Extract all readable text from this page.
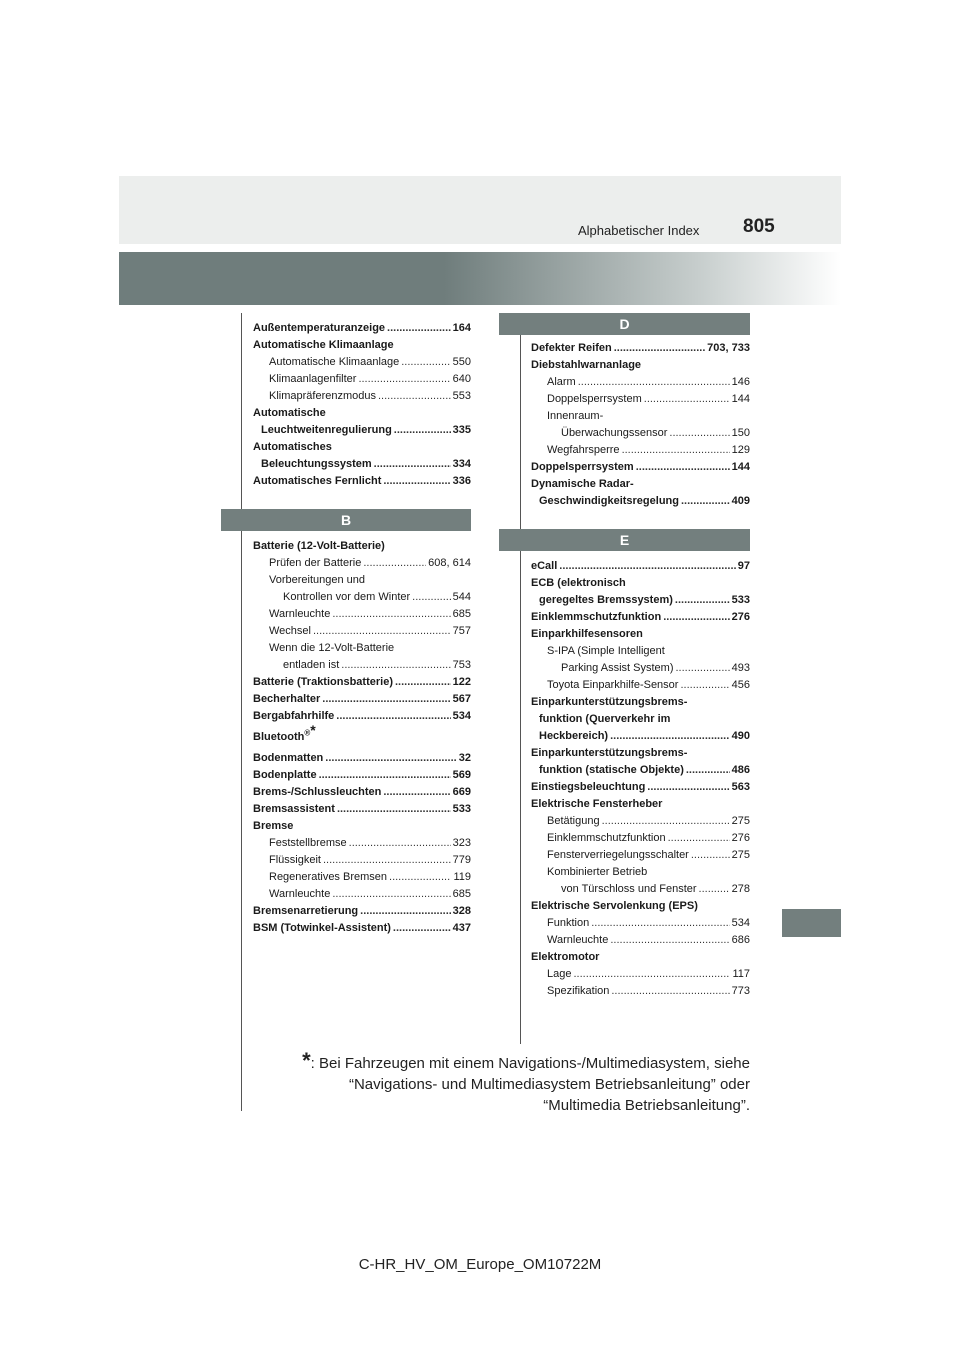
Alphabetischer Index 805
Außentemperaturanzeige .....	164
Automatische Klimaanlage
Automatische Klimaanlage .....	550
Klimaanlagenfilter .....	640
Klimapräferenzmodus .....	553
Automatische
Leuchtweitenregulierung .....	335
Automatisches
Beleuchtungssystem .....	334
Automatisches Fernlicht .....	336
B
Batterie (12-Volt-Batterie)
Prüfen der Batterie .....	608, 614
Vorbereitungen und
Kontrollen vor dem Winter .....	544
Warnleuchte .....	685
Wechsel .....	757
Wenn die 12-Volt-Batterie
entladen ist .....	753
Batterie (Traktionsbatterie) .....	122
Becherhalter .....	567
Bergabfahrhilfe .....	534
Bluetooth®*
Bodenmatten .....	32
Bodenplatte .....	569
Brems-/Schlussleuchten .....	669
Bremsassistent .....	533
Bremse
Feststellbremse .....	323
Flüssigkeit .....	779
Regeneratives Bremsen .....	119
Warnleuchte .....	685
Bremsenarretierung .....	328
BSM (Totwinkel-Assistent) .....	437
D
Defekter Reifen .....	703, 733
Diebstahlwarnanlage
Alarm .....	146
Doppelsperrsystem .....	144
Innenraum-
Überwachungssensor .....	150
Wegfahrsperre .....	129
Doppelsperrsystem .....	144
Dynamische Radar-
Geschwindigkeitsregelung .....	409
E
eCall .....	97
ECB (elektronisch
geregeltes Bremssystem) .....	533
Einklemmschutzfunktion .....	276
Einparkhilfesensoren
S-IPA (Simple Intelligent
Parking Assist System) .....	493
Toyota Einparkhilfe-Sensor .....	456
Einparkunterstützungsbrems-
funktion (Querverkehr im
Heckbereich) .....	490
Einparkunterstützungsbrems-
funktion (statische Objekte) .....	486
Einstiegsbeleuchtung .....	563
Elektrische Fensterheber
Betätigung .....	275
Einklemmschutzfunktion .....	276
Fensterverriegelungsschalter .....	275
Kombinierter Betrieb
von Türschloss und Fenster .....	278
Elektrische Servolenkung (EPS)
Funktion .....	534
Warnleuchte .....	686
Elektromotor
Lage .....	117
Spezifikation .....	773
*: Bei Fahrzeugen mit einem Navigations-/Multimediasystem, siehe
“Navigations- und Multimediasystem Betriebsanleitung” oder
“Multimedia Betriebsanleitung”.
C-HR_HV_OM_Europe_OM10722M
